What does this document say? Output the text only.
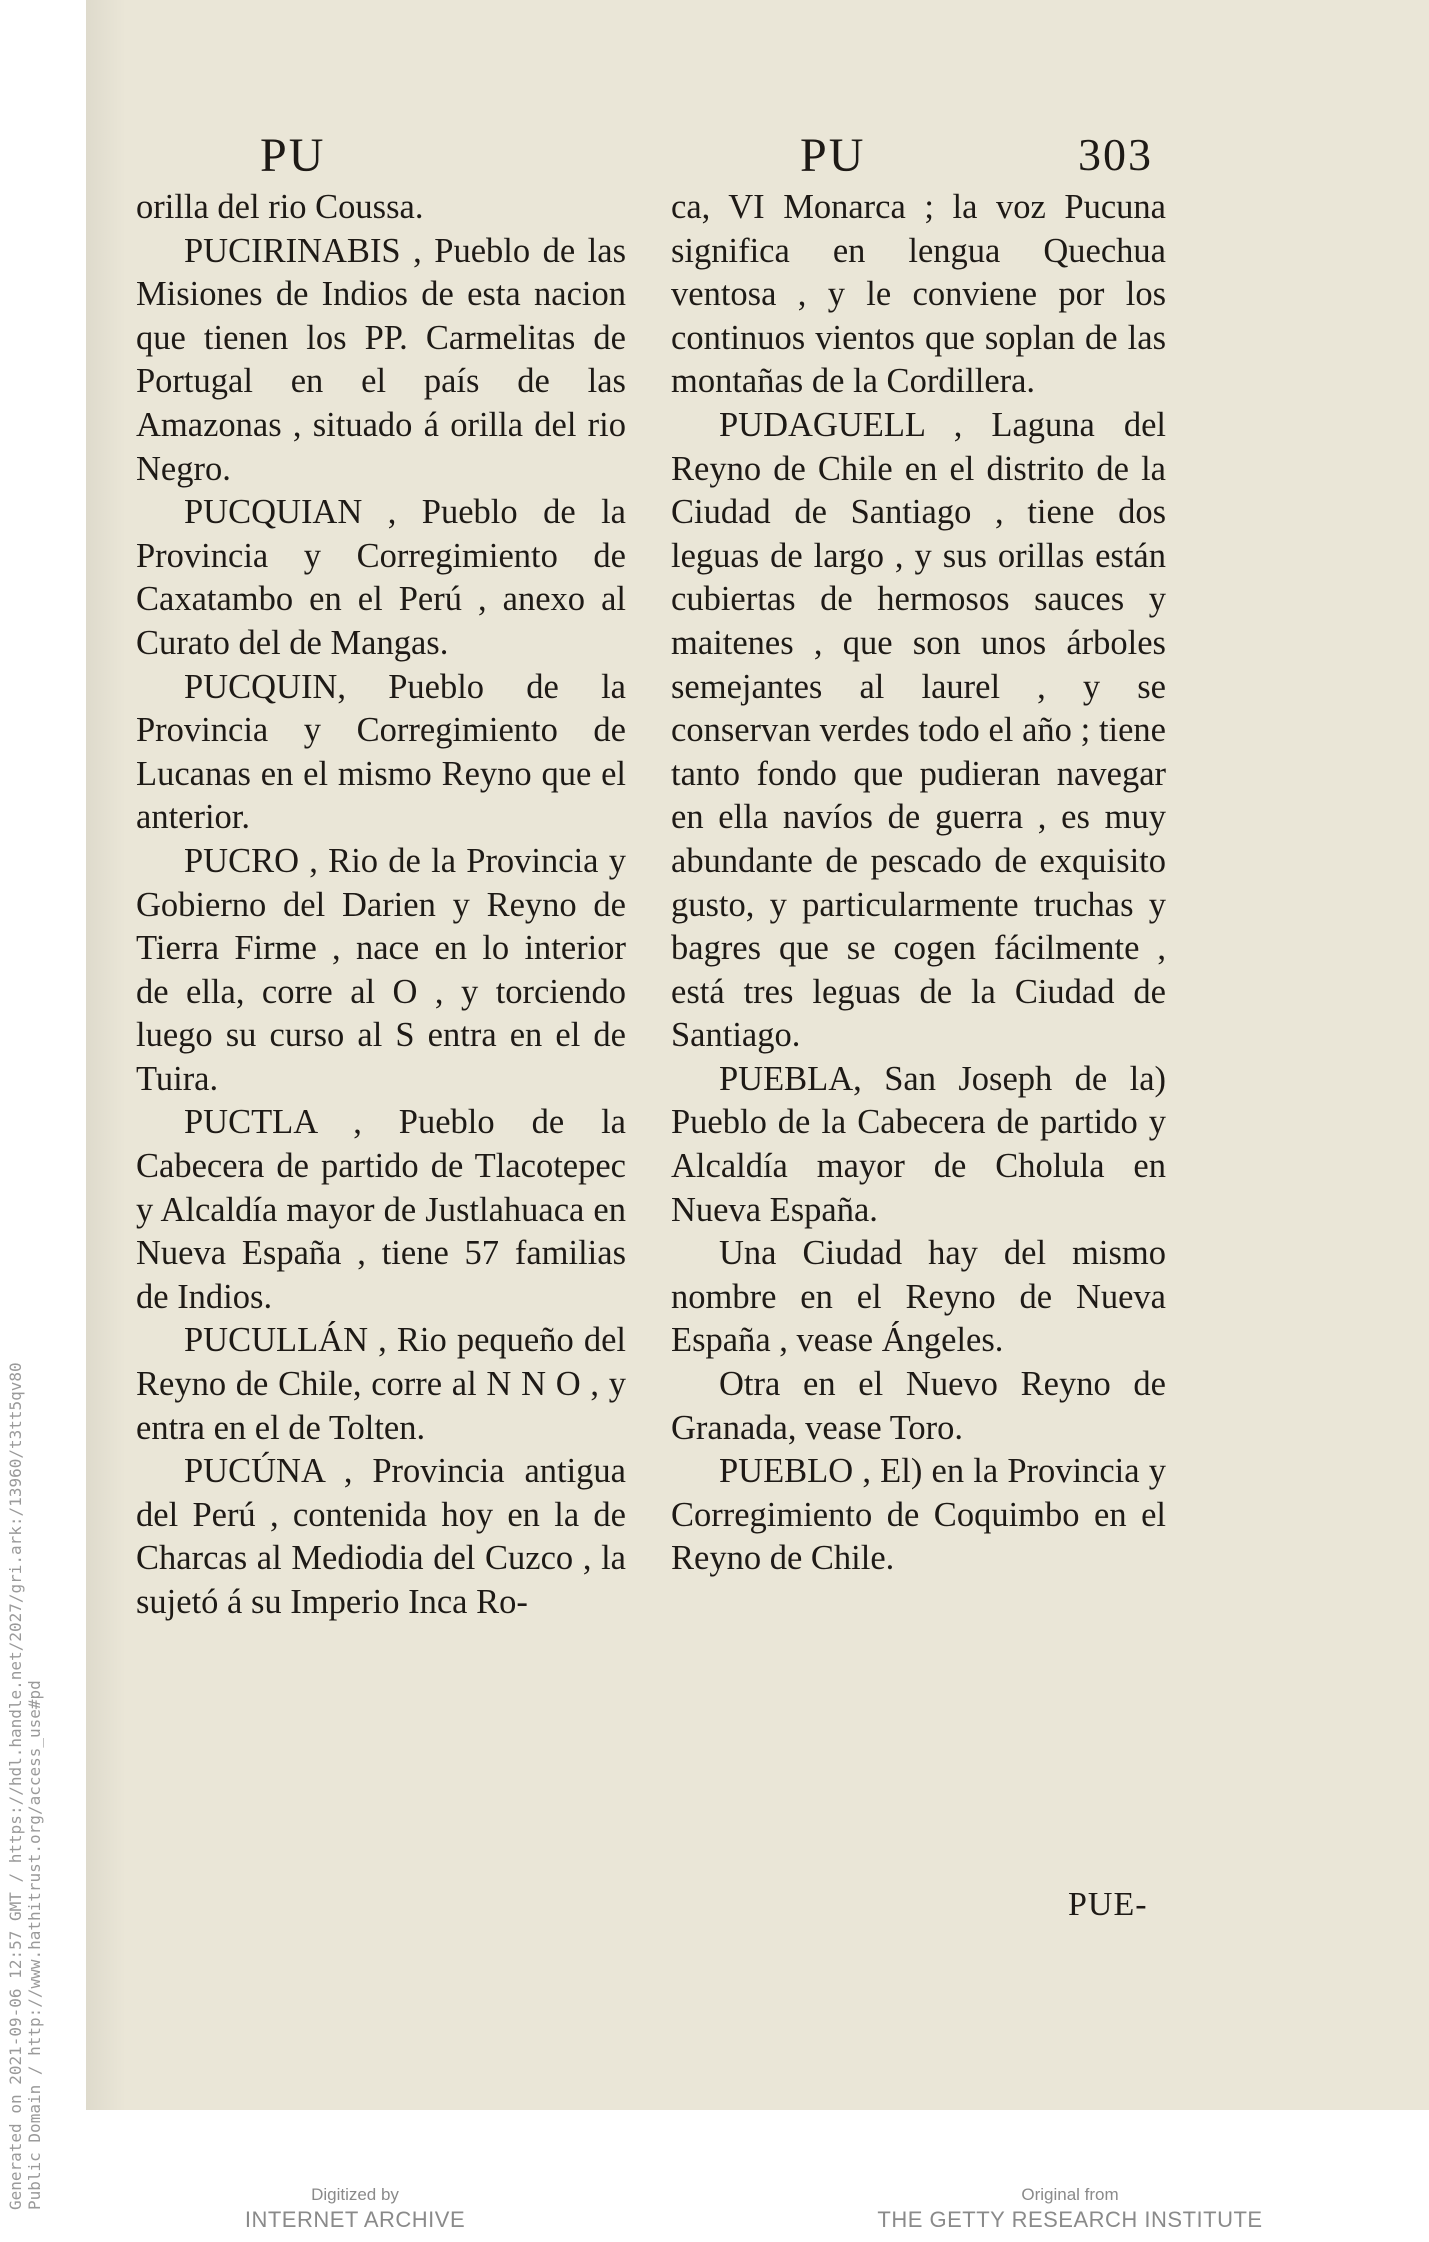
PU	PU	303

orilla del rio Coussa.

PUCIRINABIS , Pueblo de las Misiones de Indios de esta nacion que tienen los PP. Carmelitas de Portugal en el país de las Amazonas , situado á orilla del rio Negro.

PUCQUIAN , Pueblo de la Provincia y Corregimiento de Caxatambo en el Perú , anexo al Curato del de Mangas.

PUCQUIN, Pueblo de la Provincia y Corregimiento de Lucanas en el mismo Reyno que el anterior.

PUCRO , Rio de la Provincia y Gobierno del Darien y Reyno de Tierra Firme , nace en lo interior de ella, corre al O , y torciendo luego su curso al S entra en el de Tuira.

PUCTLA , Pueblo de la Cabecera de partido de Tlacotepec y Alcaldía mayor de Justlahuaca en Nueva España , tiene 57 familias de Indios.

PUCULLÁN , Rio pequeño del Reyno de Chile, corre al N N O , y entra en el de Tolten.

PUCÚNA , Provincia antigua del Perú , contenida hoy en la de Charcas al Mediodia del Cuzco , la sujetó á su Imperio Inca Ro-

ca, VI Monarca ; la voz Pucuna significa en lengua Quechua ventosa , y le conviene por los continuos vientos que soplan de las montañas de la Cordillera.

PUDAGUELL , Laguna del Reyno de Chile en el distrito de la Ciudad de Santiago , tiene dos leguas de largo , y sus orillas están cubiertas de hermosos sauces y maitenes , que son unos árboles semejantes al laurel , y se conservan verdes todo el año ; tiene tanto fondo que pudieran navegar en ella navíos de guerra , es muy abundante de pescado de exquisito gusto, y particularmente truchas y bagres que se cogen fácilmente , está tres leguas de la Ciudad de Santiago.

PUEBLA, San Joseph de la) Pueblo de la Cabecera de partido y Alcaldía mayor de Cholula en Nueva España.

Una Ciudad hay del mismo nombre en el Reyno de Nueva España , vease Ángeles.

Otra en el Nuevo Reyno de Granada, vease Toro.

PUEBLO , El) en la Provincia y Corregimiento de Coquimbo en el Reyno de Chile.

PUE-
Generated on 2021-09-06 12:57 GMT / https://hdl.handle.net/2027/gri.ark:/13960/t3tt5qv80 Public Domain / http://www.hathitrust.org/access_use#pd	Digitized by
INTERNET ARCHIVE
Original from
THE GETTY RESEARCH INSTITUTE
